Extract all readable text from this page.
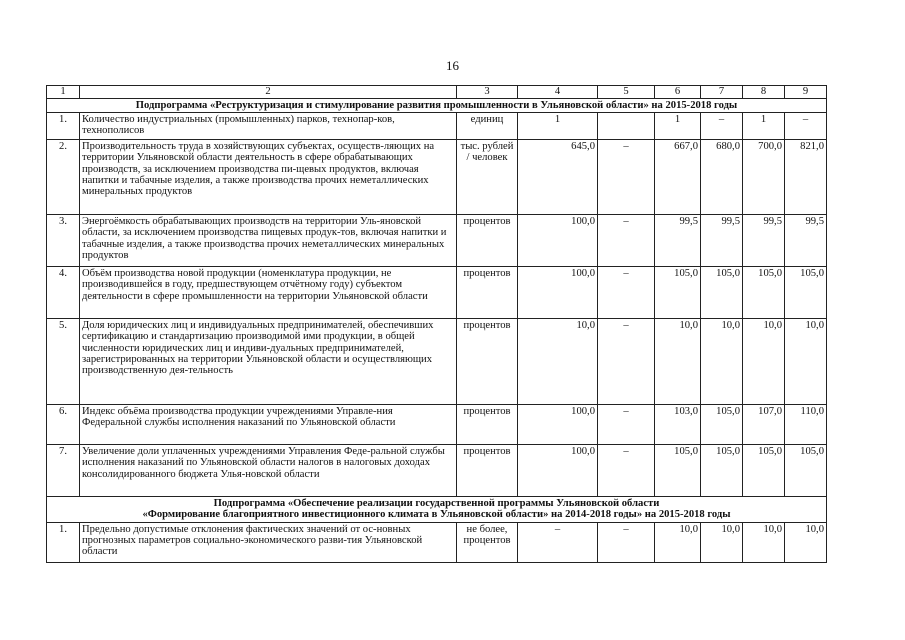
16
1	2	3	4	5	6	7	8	9
Подпрограмма «Реструктуризация и стимулирование развития промышленности в Ульяновской области» на 2015-2018 годы								
1.	Количество индустриальных (промышленных) парков, технопар-ков, технополисов	единиц	1		1	–	1	–
2.	Производительность труда в хозяйствующих субъектах, осуществ-ляющих на территории Ульяновской области деятельность в сфере обрабатывающих производств, за исключением производства пи-щевых продуктов, включая напитки и табачные изделия, а также производства прочих неметаллических минеральных продуктов	тыс. рублей / человек	645,0	–	667,0	680,0	700,0	821,0
3.	Энергоёмкость обрабатывающих производств на территории Уль-яновской области, за исключением производства пищевых продук-тов, включая напитки и табачные изделия, а также производства прочих неметаллических минеральных продуктов	процентов	100,0	–	99,5	99,5	99,5	99,5
4.	Объём производства новой продукции (номенклатура продукции, не производившейся в году, предшествующем отчётному году) субъектом деятельности в сфере промышленности на территории Ульяновской области	процентов	100,0	–	105,0	105,0	105,0	105,0
5.	Доля юридических лиц и индивидуальных предпринимателей, обеспечивших сертификацию и стандартизацию производимой ими продукции, в общей численности юридических лиц и индиви-дуальных предпринимателей, зарегистрированных на территории Ульяновской области и осуществляющих производственную дея-тельность	процентов	10,0	–	10,0	10,0	10,0	10,0
6.	Индекс объёма производства продукции учреждениями Управле-ния Федеральной службы исполнения наказаний по Ульяновской области	процентов	100,0	–	103,0	105,0	107,0	110,0
7.	Увеличение доли уплаченных учреждениями Управления Феде-ральной службы исполнения наказаний по Ульяновской области налогов в налоговых доходах консолидированного бюджета Улья-новской области	процентов	100,0	–	105,0	105,0	105,0	105,0
Подпрограмма «Обеспечение реализации государственной программы Ульяновской области
«Формирование благоприятного инвестиционного климата в Ульяновской области» на 2014-2018 годы» на 2015-2018 годы								
1.	Предельно допустимые отклонения фактических значений от ос-новных прогнозных параметров социально-экономического разви-тия Ульяновской области	не более, процентов	–	–	10,0	10,0	10,0	10,0
